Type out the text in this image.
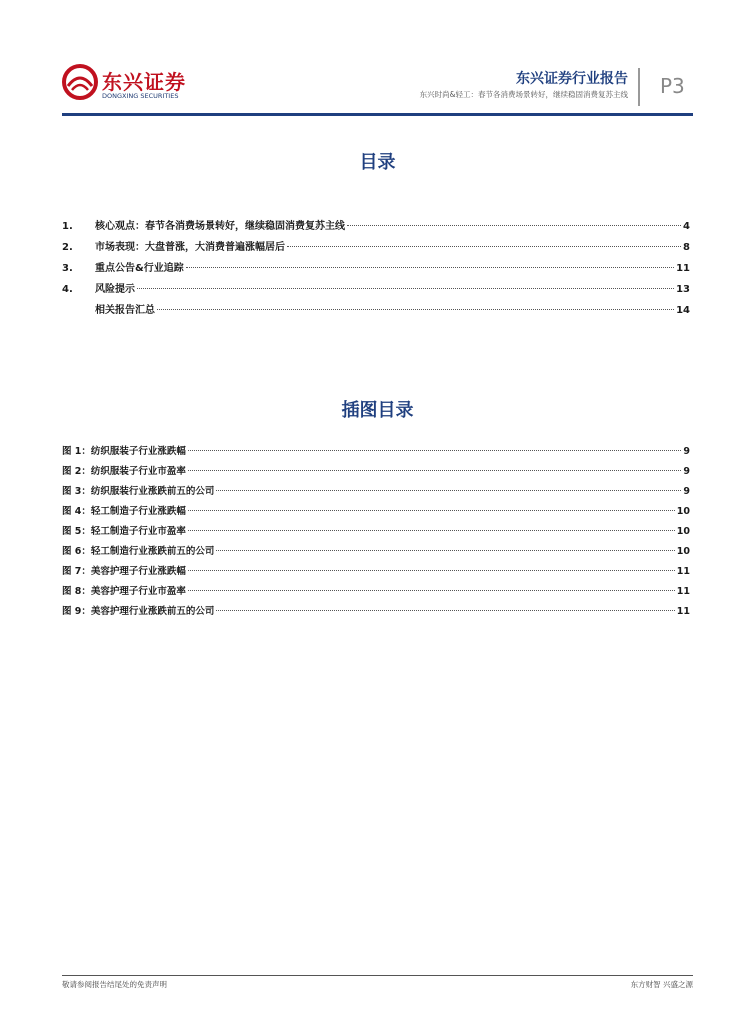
东兴证券
DONGXING SECURITIES
东兴证券行业报告
东兴时尚&轻工：春节各消费场景转好，继续稳固消费复苏主线 P3
目录
1.	核心观点：春节各消费场景转好，继续稳固消费复苏主线	4
2.	市场表现：大盘普涨，大消费普遍涨幅居后	8
3.	重点公告&行业追踪	11
4.	风险提示	13
相关报告汇总	14
插图目录
图 1：纺织服装子行业涨跌幅	9
图 2：纺织服装子行业市盈率	9
图 3：纺织服装行业涨跌前五的公司	9
图 4：轻工制造子行业涨跌幅	10
图 5：轻工制造子行业市盈率	10
图 6：轻工制造行业涨跌前五的公司	10
图 7：美容护理子行业涨跌幅	11
图 8：美容护理子行业市盈率	11
图 9：美容护理行业涨跌前五的公司	11
敬请参阅报告结尾处的免责声明	东方财智 兴盛之源
